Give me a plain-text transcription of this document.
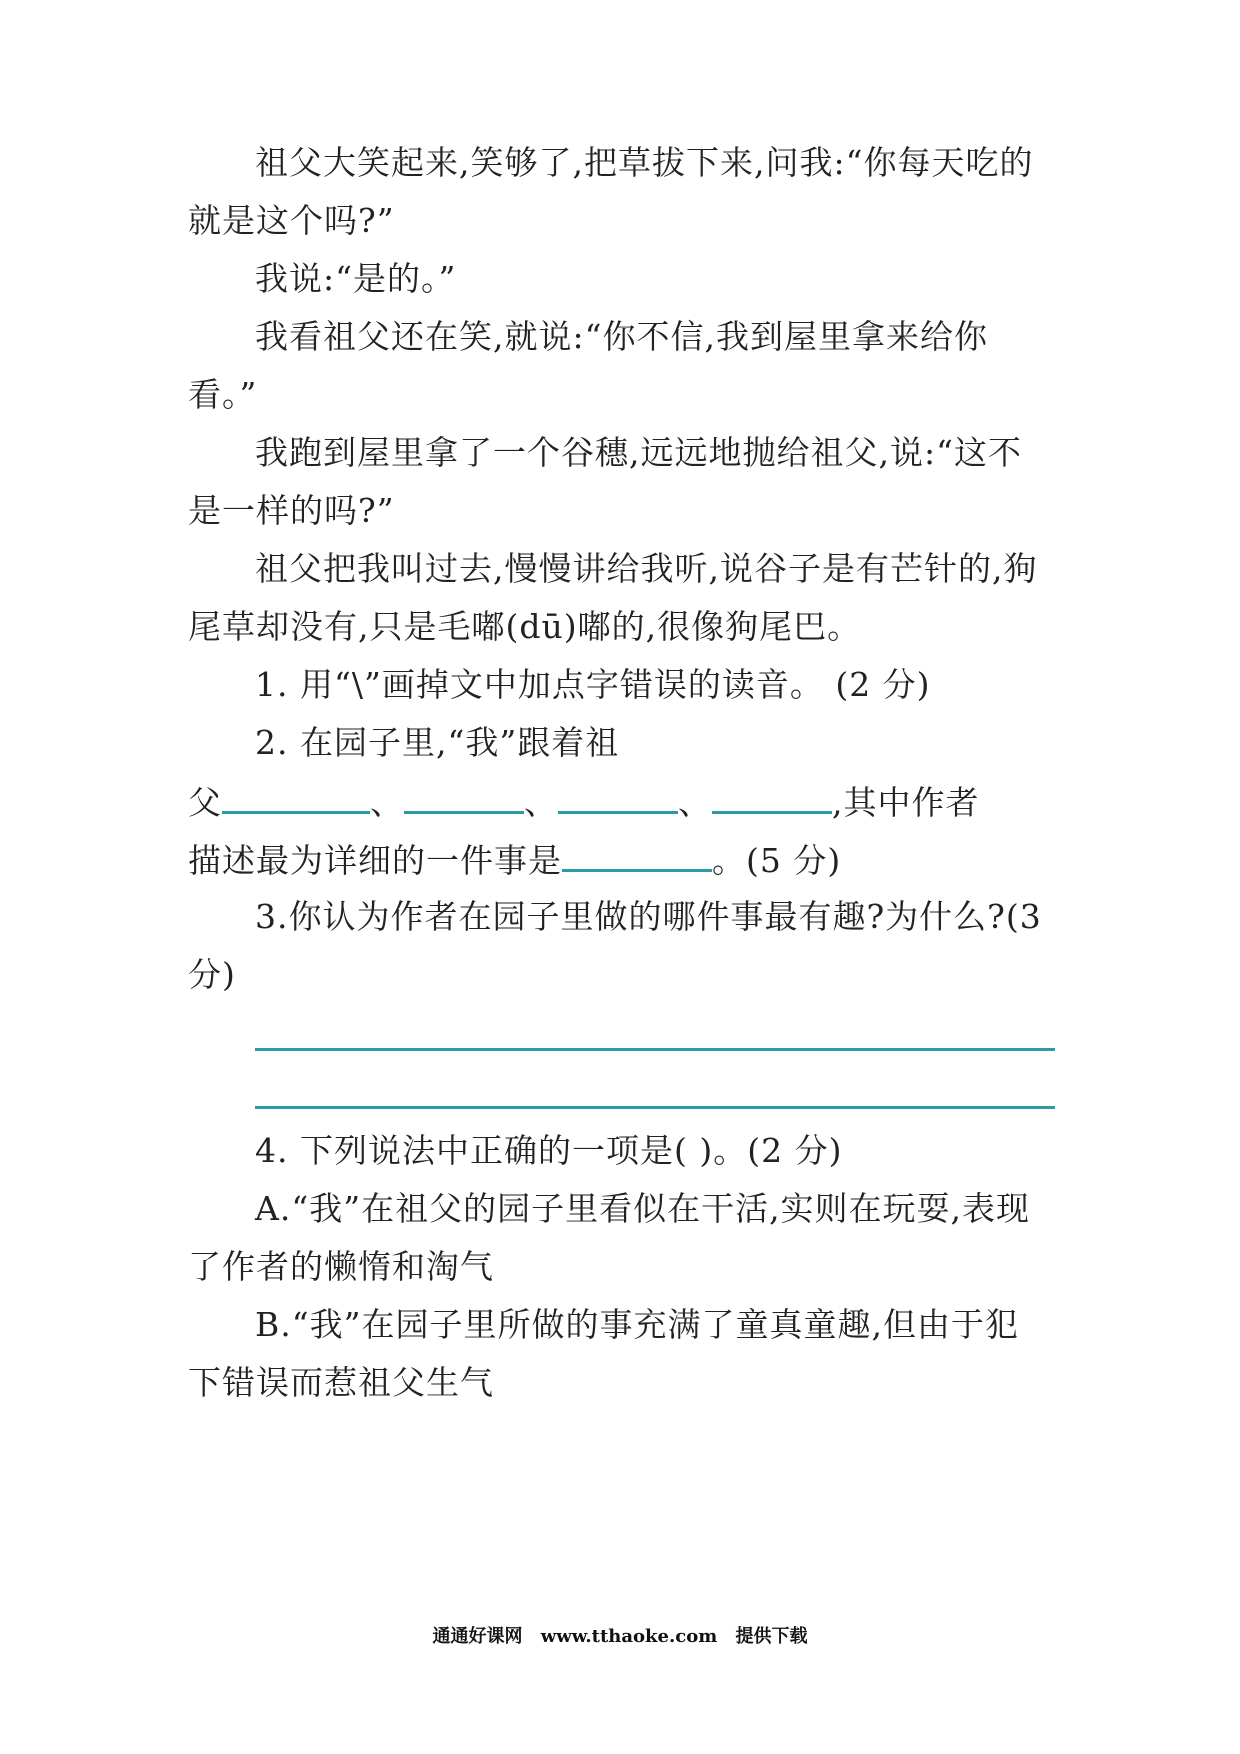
祖父大笑起来,笑够了,把草拔下来,问我:“你每天吃的
就是这个吗?”
我说:“是的。”
我看祖父还在笑,就说:“你不信,我到屋里拿来给你
看。”
我跑到屋里拿了一个谷穗,远远地抛给祖父,说:“这不
是一样的吗?”
祖父把我叫过去,慢慢讲给我听,说谷子是有芒针的,狗
尾草却没有,只是毛嘟(dū)嘟的,很像狗尾巴。
1. 用“\”画掉文中加点字错误的读音。 (2 分)
2. 在园子里,“我”跟着祖
父	、	、	、	,其中作者
描述最为详细的一件事是	。(5 分)
3.你认为作者在园子里做的哪件事最有趣?为什么?(3
分)
4. 下列说法中正确的一项是( )。(2 分)
A.“我”在祖父的园子里看似在干活,实则在玩耍,表现
了作者的懒惰和淘气
B.“我”在园子里所做的事充满了童真童趣,但由于犯
下错误而惹祖父生气
通通好课网 www.tthaoke.com 提供下载
